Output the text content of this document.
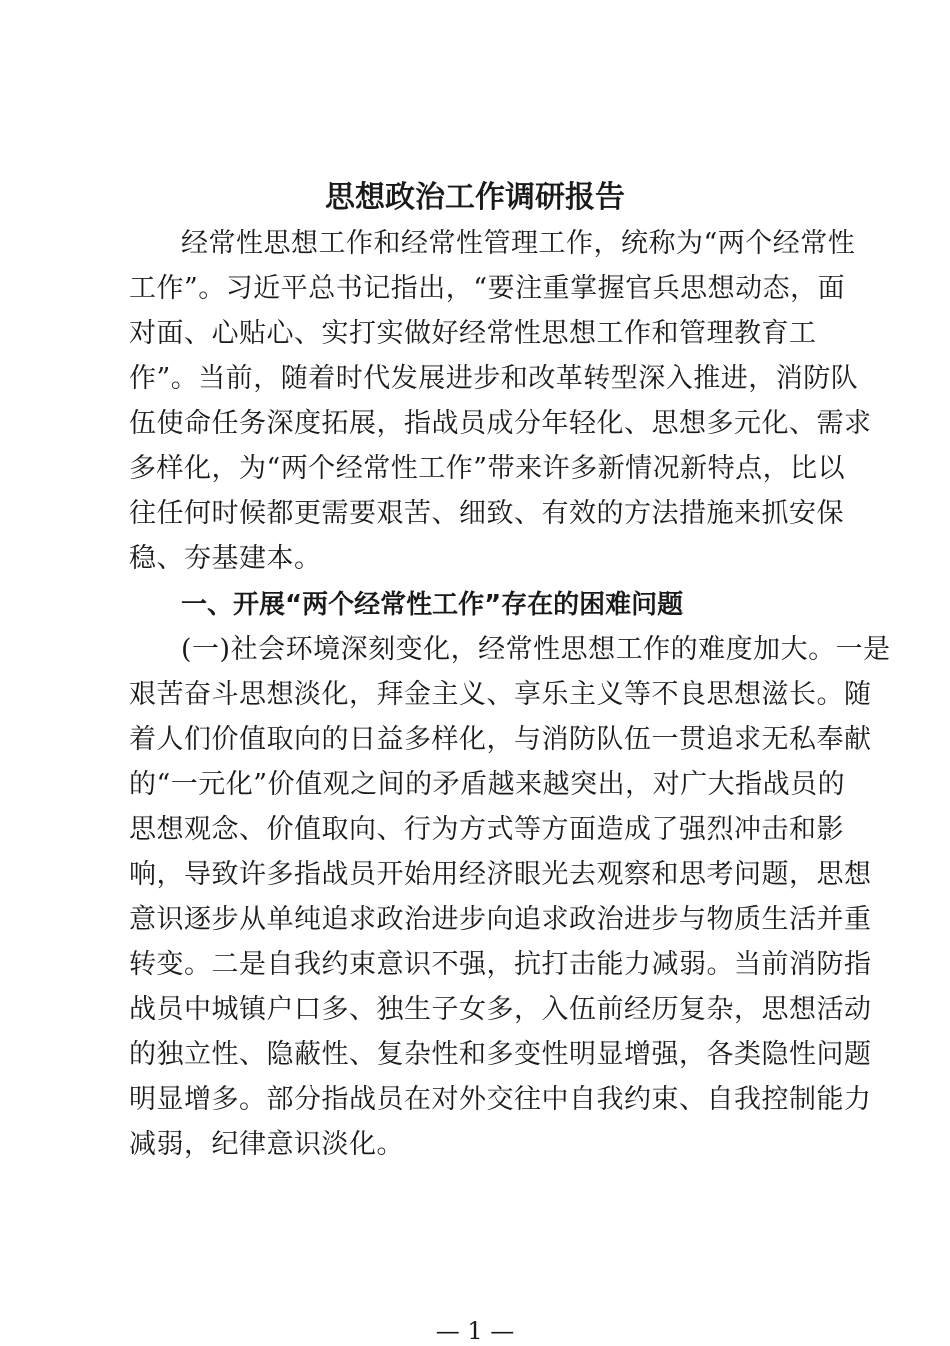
思想政治工作调研报告
经常性思想工作和经常性管理工作，统称为“两个经常性
工作”。习近平总书记指出，“要注重掌握官兵思想动态，面
对面、心贴心、实打实做好经常性思想工作和管理教育工
作”。当前，随着时代发展进步和改革转型深入推进，消防队
伍使命任务深度拓展，指战员成分年轻化、思想多元化、需求
多样化，为“两个经常性工作”带来许多新情况新特点，比以
往任何时候都更需要艰苦、细致、有效的方法措施来抓安保
稳、夯基建本。
一、开展“两个经常性工作”存在的困难问题
(一)社会环境深刻变化，经常性思想工作的难度加大。一是
艰苦奋斗思想淡化，拜金主义、享乐主义等不良思想滋长。随
着人们价值取向的日益多样化，与消防队伍一贯追求无私奉献
的“一元化”价值观之间的矛盾越来越突出，对广大指战员的
思想观念、价值取向、行为方式等方面造成了强烈冲击和影
响，导致许多指战员开始用经济眼光去观察和思考问题，思想
意识逐步从单纯追求政治进步向追求政治进步与物质生活并重
转变。二是自我约束意识不强，抗打击能力减弱。当前消防指
战员中城镇户口多、独生子女多，入伍前经历复杂，思想活动
的独立性、隐蔽性、复杂性和多变性明显增强，各类隐性问题
明显增多。部分指战员在对外交往中自我约束、自我控制能力
减弱，纪律意识淡化。
— 1 —
